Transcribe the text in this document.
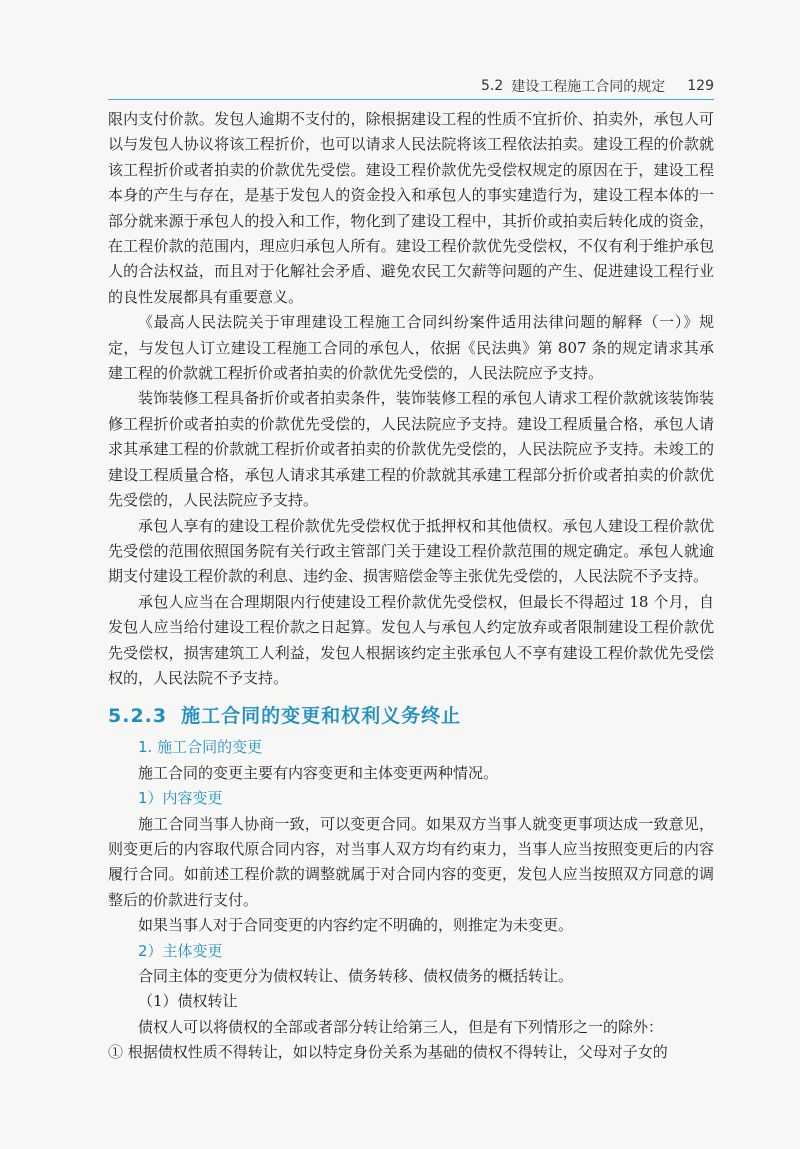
5.2 建设工程施工合同的规定 129

限内支付价款。发包人逾期不支付的，除根据建设工程的性质不宜折价、拍卖外，承包人可以与发包人协议将该工程折价，也可以请求人民法院将该工程依法拍卖。建设工程的价款就该工程折价或者拍卖的价款优先受偿。建设工程价款优先受偿权规定的原因在于，建设工程本身的产生与存在，是基于发包人的资金投入和承包人的事实建造行为，建设工程本体的一部分就来源于承包人的投入和工作，物化到了建设工程中，其折价或拍卖后转化成的资金，在工程价款的范围内，理应归承包人所有。建设工程价款优先受偿权，不仅有利于维护承包人的合法权益，而且对于化解社会矛盾、避免农民工欠薪等问题的产生、促进建设工程行业的良性发展都具有重要意义。

《最高人民法院关于审理建设工程施工合同纠纷案件适用法律问题的解释（一）》规定，与发包人订立建设工程施工合同的承包人，依据《民法典》第 807 条的规定请求其承建工程的价款就工程折价或者拍卖的价款优先受偿的，人民法院应予支持。

装饰装修工程具备折价或者拍卖条件，装饰装修工程的承包人请求工程价款就该装饰装修工程折价或者拍卖的价款优先受偿的，人民法院应予支持。建设工程质量合格，承包人请求其承建工程的价款就工程折价或者拍卖的价款优先受偿的，人民法院应予支持。未竣工的建设工程质量合格，承包人请求其承建工程的价款就其承建工程部分折价或者拍卖的价款优先受偿的，人民法院应予支持。

承包人享有的建设工程价款优先受偿权优于抵押权和其他债权。承包人建设工程价款优先受偿的范围依照国务院有关行政主管部门关于建设工程价款范围的规定确定。承包人就逾期支付建设工程价款的利息、违约金、损害赔偿金等主张优先受偿的，人民法院不予支持。

承包人应当在合理期限内行使建设工程价款优先受偿权，但最长不得超过 18 个月，自发包人应当给付建设工程价款之日起算。发包人与承包人约定放弃或者限制建设工程价款优先受偿权，损害建筑工人利益，发包人根据该约定主张承包人不享有建设工程价款优先受偿权的，人民法院不予支持。

5.2.3 施工合同的变更和权利义务终止
1. 施工合同的变更

施工合同的变更主要有内容变更和主体变更两种情况。

1）内容变更

施工合同当事人协商一致，可以变更合同。如果双方当事人就变更事项达成一致意见，则变更后的内容取代原合同内容，对当事人双方均有约束力，当事人应当按照变更后的内容履行合同。如前述工程价款的调整就属于对合同内容的变更，发包人应当按照双方同意的调整后的价款进行支付。

如果当事人对于合同变更的内容约定不明确的，则推定为未变更。

2）主体变更

合同主体的变更分为债权转让、债务转移、债权债务的概括转让。

（1）债权转让

债权人可以将债权的全部或者部分转让给第三人，但是有下列情形之一的除外：

① 根据债权性质不得转让，如以特定身份关系为基础的债权不得转让，父母对子女的
